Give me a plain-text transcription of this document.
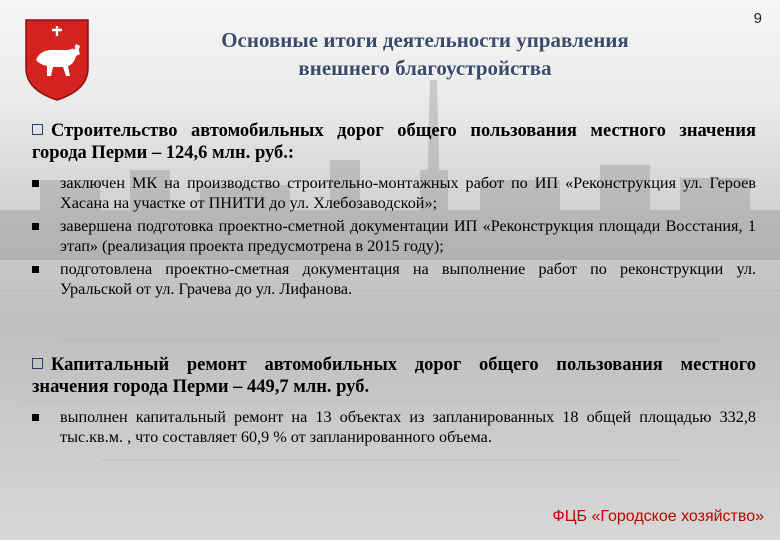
Основные итоги деятельности управления
внешнего благоустройства
9
Строительство автомобильных дорог общего пользования местного значения города Перми – 124,6 млн. руб.:
заключен МК на производство строительно-монтажных работ по ИП «Реконструкция ул. Героев Хасана на участке от ПНИТИ до ул. Хлебозаводской»;
завершена подготовка проектно-сметной документации ИП «Реконструкция площади Восстания, 1 этап» (реализация проекта предусмотрена в 2015 году);
подготовлена проектно-сметная документация на выполнение работ по реконструкции ул. Уральской от ул. Грачева до ул. Лифанова.
Капитальный ремонт автомобильных дорог общего пользования местного значения города Перми – 449,7 млн. руб.
выполнен капитальный ремонт на 13 объектах из запланированных 18 общей площадью 332,8 тыс.кв.м. , что составляет 60,9 % от запланированного объема.
ФЦБ «Городское хозяйство»
